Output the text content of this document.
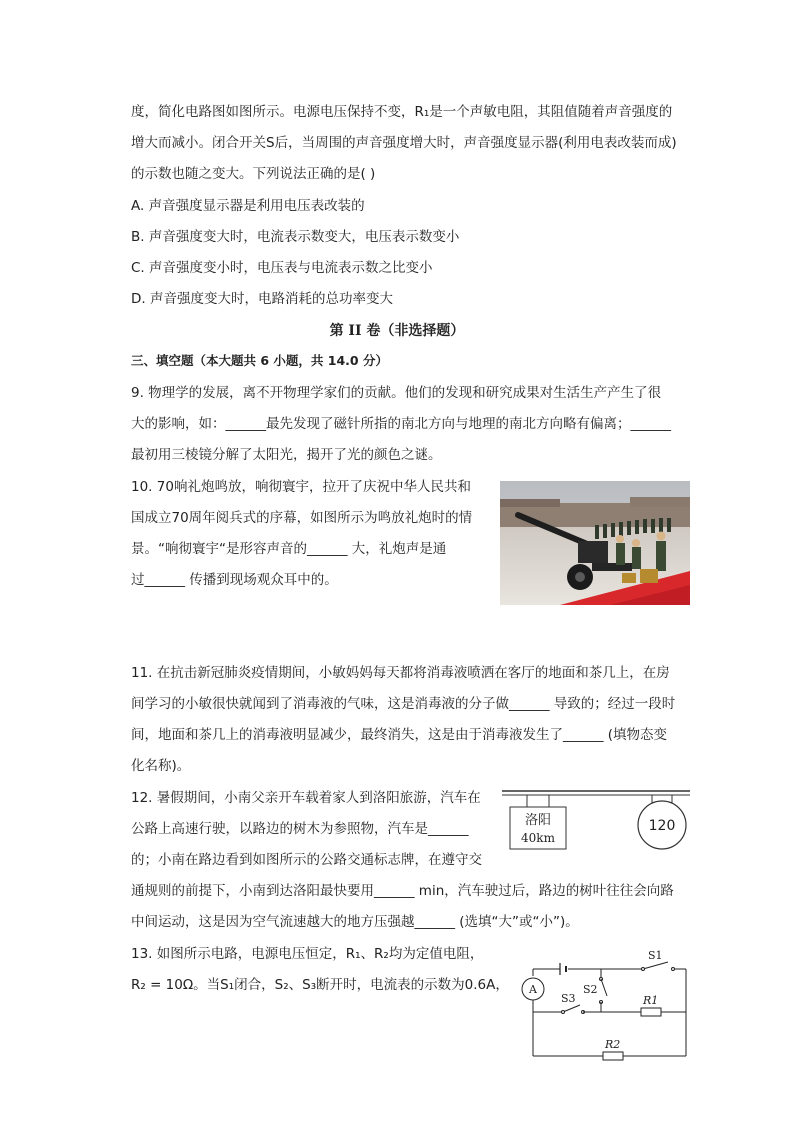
度，简化电路图如图所示。电源电压保持不变，R₁是一个声敏电阻，其阻值随着声音强度的
增大而减小。闭合开关S后，当周围的声音强度增大时，声音强度显示器(利用电表改装而成)
的示数也随之变大。下列说法正确的是( )
A. 声音强度显示器是利用电压表改装的
B. 声音强度变大时，电流表示数变大，电压表示数变小
C. 声音强度变小时，电压表与电流表示数之比变小
D. 声音强度变大时，电路消耗的总功率变大
第 II 卷（非选择题）
三、填空题（本大题共 6 小题，共 14.0 分）
9. 物理学的发展，离不开物理学家们的贡献。他们的发现和研究成果对生活生产产生了很
大的影响，如：______最先发现了磁针所指的南北方向与地理的南北方向略有偏离；______
最初用三棱镜分解了太阳光，揭开了光的颜色之谜。
10. 70响礼炮鸣放，响彻寰宇，拉开了庆祝中华人民共和
国成立70周年阅兵式的序幕，如图所示为鸣放礼炮时的情
景。“响彻寰宇“是形容声音的______ 大，礼炮声是通
过______ 传播到现场观众耳中的。
11. 在抗击新冠肺炎疫情期间，小敏妈妈每天都将消毒液喷洒在客厅的地面和茶几上，在房
间学习的小敏很快就闻到了消毒液的气味，这是消毒液的分子做______ 导致的；经过一段时
间，地面和茶几上的消毒液明显减少，最终消失，这是由于消毒液发生了______ (填物态变
化名称)。
12. 暑假期间，小南父亲开车载着家人到洛阳旅游，汽车在
公路上高速行驶，以路边的树木为参照物，汽车是______
的；小南在路边看到如图所示的公路交通标志牌，在遵守交
通规则的前提下，小南到达洛阳最快要用______ min，汽车驶过后，路边的树叶往往会向路
中间运动，这是因为空气流速越大的地方压强越______ (选填“大”或“小”)。
洛阳
40km
120
13. 如图所示电路，电源电压恒定，R₁、R₂均为定值电阻，
R₂ = 10Ω。当S₁闭合，S₂、S₃断开时，电流表的示数为0.6A， A
S1
S2
S3	R1
R2
